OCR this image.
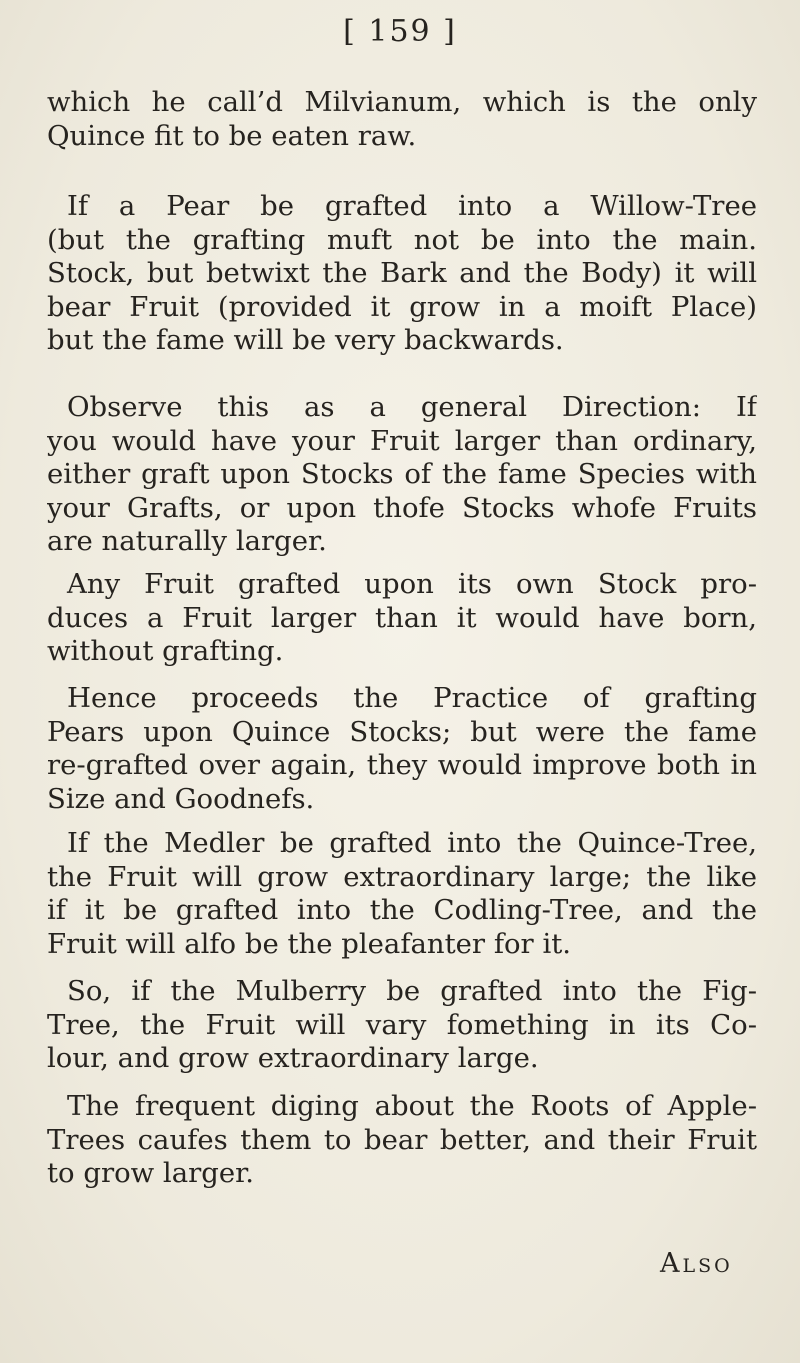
[ 159 ]

which he call’d Milvianum, which is the only
Quince fit to be eaten raw.

If a Pear be grafted into a Willow-Tree
(but the grafting muft not be into the main.
Stock, but betwixt the Bark and the Body) it will
bear Fruit (provided it grow in a moift Place)
but the fame will be very backwards.

Observe this as a general Direction: If
you would have your Fruit larger than ordinary,
either graft upon Stocks of the fame Species with
your Grafts, or upon thofe Stocks whofe Fruits
are naturally larger.

Any Fruit grafted upon its own Stock pro-
duces a Fruit larger than it would have born,
without grafting.

Hence proceeds the Practice of grafting
Pears upon Quince Stocks; but were the fame
re-grafted over again, they would improve both in
Size and Goodnefs.

If the Medler be grafted into the Quince-Tree,
the Fruit will grow extraordinary large; the like
if it be grafted into the Codling-Tree, and the
Fruit will alfo be the pleafanter for it.

So, if the Mulberry be grafted into the Fig-
Tree, the Fruit will vary fomething in its Co-
lour, and grow extraordinary large.

The frequent diging about the Roots of Apple-
Trees caufes them to bear better, and their Fruit
to grow larger.

Also
